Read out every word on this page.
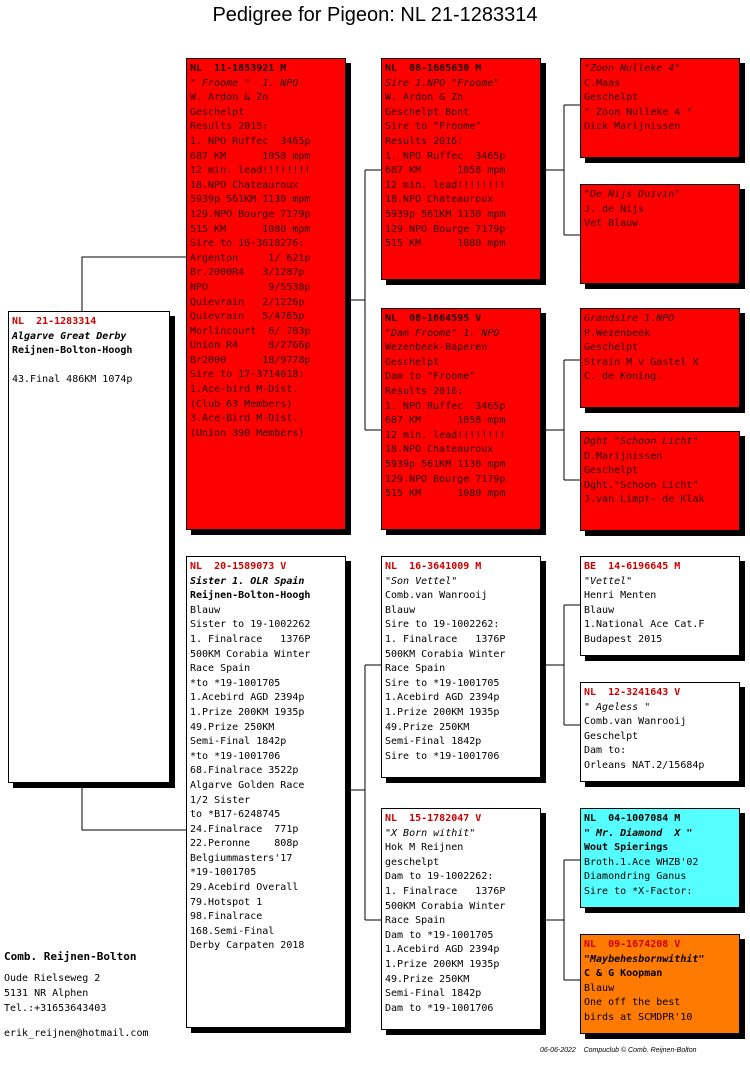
Pedigree for Pigeon: NL 21-1283314
NL  21-1283314
Algarve Great Derby
Reijnen-Bolton-Hoogh

43.Final 486KM 1074p
NL  11-1853921 M
" Froome "  1. NPO
W. Ardon & Zn
Geschelpt
Results 2015:
1. NPO Ruffec  3465p
687 KM      1058 mpm
12 min. lead!!!!!!!!
18.NPO Chateauroux
5939p 561KM 1130 mpm
129.NPO Bourge 7179p
515 KM      1080 mpm
Sire to 16-3618276:
Argenton     1/ 621p
Br.2000R4   3/1287p
NPO          9/5538p
Quievrain   2/1226p
Quievrain   5/4765p
Morlincourt  6/ 703p
Union R4     8/2766p
Br2000      18/9778p
Sire to 17-3714018:
1.Ace-bird M-Dist.
(Club 63 Members)
3.Ace-Bird M-Dist.
(Union 390 Members)
NL  20-1589073 V
Sister 1. OLR Spain
Reijnen-Bolton-Hoogh
Blauw
Sister to 19-1002262
1. Finalrace   1376P
500KM Corabia Winter
Race Spain
*to *19-1001705
1.Acebird AGD 2394p
1.Prize 200KM 1935p
49.Prize 250KM
Semi-Final 1842p
*to *19-1001706
68.Finalrace 3522p
Algarve Golden Race
1/2 Sister
to *B17-6248745
24.Finalrace  771p
22.Peronne    808p
Belgiummasters'17
*19-1001705
29.Acebird Overall
79.Hotspot 1
98.Finalrace
168.Semi-Final
Derby Carpaten 2018
NL  08-1665630 M
Sire 1.NPO "Froome"
W. Ardon & Zn
Geschelpt Bont
Sire to "Froome"
Results 2016:
1. NPO Ruffec  3465p
687 KM      1058 mpm
12 min. lead!!!!!!!!
18.NPO Chateauroux
5939p 561KM 1130 mpm
129.NPO Bourge 7179p
515 KM      1080 mpm
NL  08-1664595 V
"Dam Froome" 1. NPO
Wezenbeek-Baperen
Geschelpt
Dam to "Froome"
Results 2016:
1. NPO Ruffec  3465p
687 KM      1058 mpm
12 min. lead!!!!!!!!
18.NPO Chateauroux
5939p 561KM 1130 mpm
129.NPO Bourge 7179p
515 KM      1080 mpm
NL  16-3641009 M
"Son Vettel"
Comb.van Wanrooij
Blauw
Sire to 19-1002262:
1. Finalrace   1376P
500KM Corabia Winter
Race Spain
Sire to *19-1001705
1.Acebird AGD 2394p
1.Prize 200KM 1935p
49.Prize 250KM
Semi-Final 1842p
Sire to *19-1001706
NL  15-1782047 V
"X Born withit"
Hok M Reijnen
geschelpt
Dam to 19-1002262:
1. Finalrace   1376P
500KM Corabia Winter
Race Spain
Dam to *19-1001705
1.Acebird AGD 2394p
1.Prize 200KM 1935p
49.Prize 250KM
Semi-Final 1842p
Dam to *19-1001706
"Zoon Nulleke 4"
C.Maas
Geschelpt
" Zoon Nulleke 4 "
Dick Marijnissen
"De Nijs Duivin"
J. de Nijs
Vet Blauw
Grandsire 1.NPO
P.Wezenbeek
Geschelpt
Strain M v Gastel X
C. de Koning.
Dght "Schoon Licht"
D.Marijnissen
Geschelpt
Dght."Schoon Licht"
J.van Limpt- de Klak
BE  14-6196645 M
"Vettel"
Henri Menten
Blauw
1.National Ace Cat.F
Budapest 2015
NL  12-3241643 V
" Ageless "
Comb.van Wanrooij
Geschelpt
Dam to:
Orleans NAT.2/15684p
NL  04-1007084 M
" Mr. Diamond  X "
Wout Spierings
Broth.1.Ace WHZB'02
Diamondring Ganus
Sire to *X-Factor:
NL  09-1674208 V
"Maybehesbornwithit"
C & G Koopman
Blauw
One off the best
birds at SCMDPR'10
Comb. Reijnen-Bolton
Oude Rielseweg 2
5131 NR Alphen
Tel.:+31653643403
erik_reijnen@hotmail.com
06-06-2022    Compuclub © Comb. Reijnen-Bolton
